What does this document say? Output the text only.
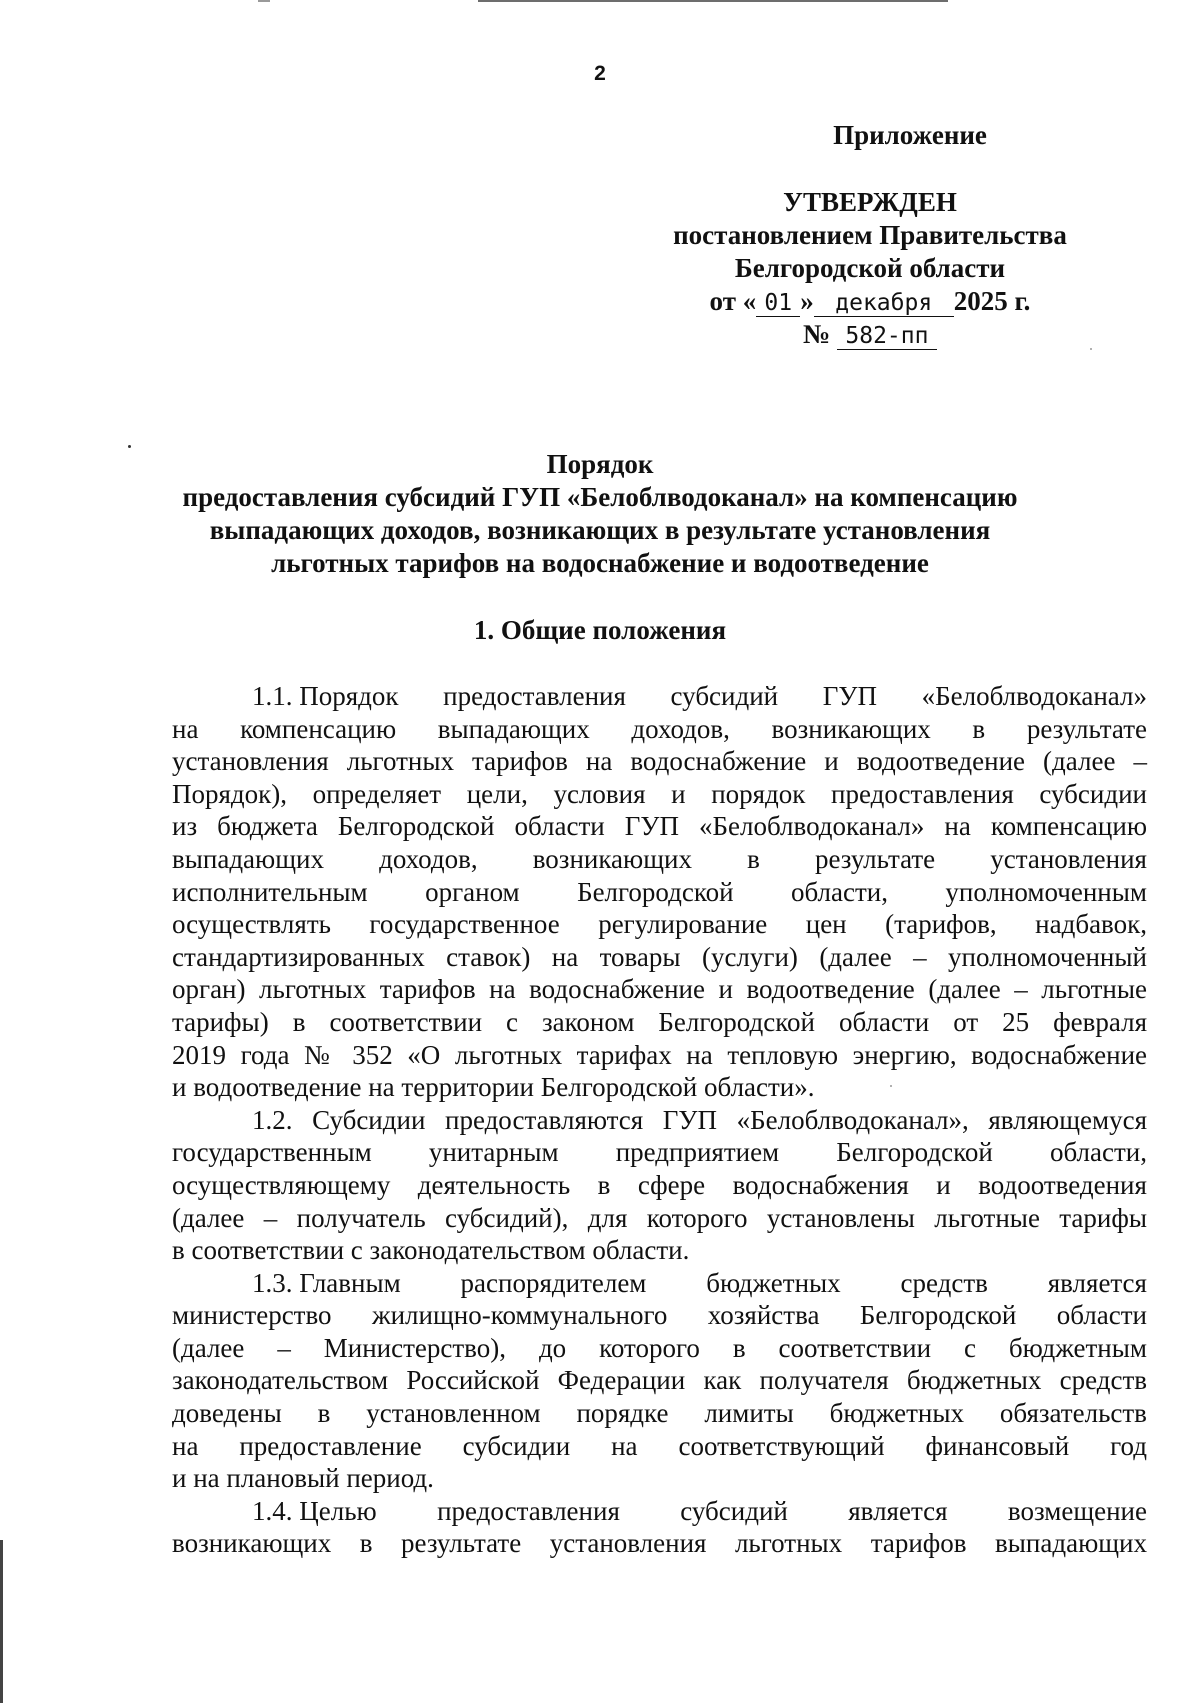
2
Приложение
УТВЕРЖДЕН
постановлением Правительства
Белгородской области
от « 01 » декабря 2025 г.
№ 582-пп
Порядок
предоставления субсидий ГУП «Белоблводоканал» на компенсацию
выпадающих доходов, возникающих в результате установления
льготных тарифов на водоснабжение и водоотведение
1. Общие положения
1.1. Порядок предоставления субсидий ГУП «Белоблводоканал»
на компенсацию выпадающих доходов, возникающих в результате
установления льготных тарифов на водоснабжение и водоотведение (далее –
Порядок), определяет цели, условия и порядок предоставления субсидии
из бюджета Белгородской области ГУП «Белоблводоканал» на компенсацию
выпадающих доходов, возникающих в результате установления
исполнительным органом Белгородской области, уполномоченным
осуществлять государственное регулирование цен (тарифов, надбавок,
стандартизированных ставок) на товары (услуги) (далее – уполномоченный
орган) льготных тарифов на водоснабжение и водоотведение (далее – льготные
тарифы) в соответствии с законом Белгородской области от 25 февраля
2019 года № 352 «О льготных тарифах на тепловую энергию, водоснабжение
и водоотведение на территории Белгородской области».
1.2. Субсидии предоставляются ГУП «Белоблводоканал», являющемуся
государственным унитарным предприятием Белгородской области,
осуществляющему деятельность в сфере водоснабжения и водоотведения
(далее – получатель субсидий), для которого установлены льготные тарифы
в соответствии с законодательством области.
1.3. Главным распорядителем бюджетных средств является
министерство жилищно-коммунального хозяйства Белгородской области
(далее – Министерство), до которого в соответствии с бюджетным
законодательством Российской Федерации как получателя бюджетных средств
доведены в установленном порядке лимиты бюджетных обязательств
на предоставление субсидии на соответствующий финансовый год
и на плановый период.
1.4. Целью предоставления субсидий является возмещение
возникающих в результате установления льготных тарифов выпадающих
